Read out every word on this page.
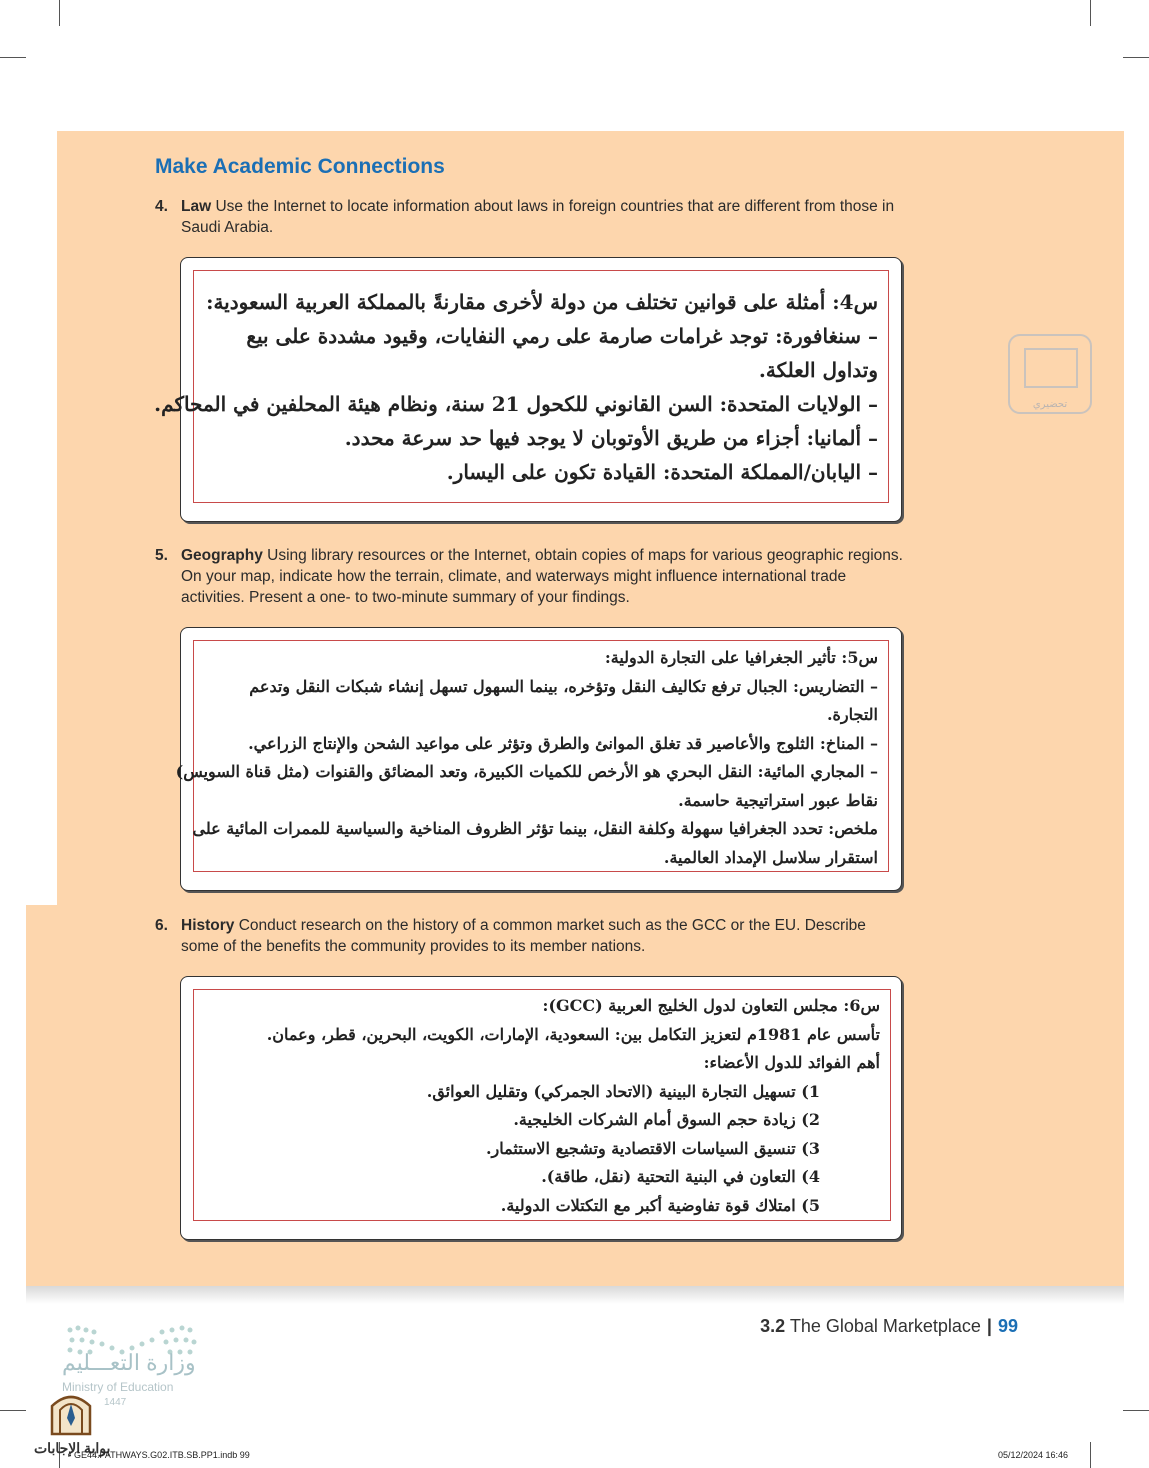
Make Academic Connections
4. Law Use the Internet to locate information about laws in foreign countries that are different from those in Saudi Arabia.
س4: أمثلة على قوانين تختلف من دولة لأخرى مقارنةً بالمملكة العربية السعودية:
– سنغافورة: توجد غرامات صارمة على رمي النفايات، وقيود مشددة على بيع
وتداول العلكة.
– الولايات المتحدة: السن القانوني للكحول 21 سنة، ونظام هيئة المحلفين في المحاكم.
– ألمانيا: أجزاء من طريق الأوتوبان لا يوجد فيها حد سرعة محدد.
– اليابان/المملكة المتحدة: القيادة تكون على اليسار.
تحضيري
5. Geography Using library resources or the Internet, obtain copies of maps for various geographic regions. On your map, indicate how the terrain, climate, and waterways might influence international trade activities. Present a one- to two-minute summary of your findings.
س5: تأثير الجغرافيا على التجارة الدولية:
– التضاريس: الجبال ترفع تكاليف النقل وتؤخره، بينما السهول تسهل إنشاء شبكات النقل وتدعم
التجارة.
– المناخ: الثلوج والأعاصير قد تغلق الموانئ والطرق وتؤثر على مواعيد الشحن والإنتاج الزراعي.
– المجاري المائية: النقل البحري هو الأرخص للكميات الكبيرة، وتعد المضائق والقنوات (مثل قناة السويس)
نقاط عبور استراتيجية حاسمة.
ملخص: تحدد الجغرافيا سهولة وكلفة النقل، بينما تؤثر الظروف المناخية والسياسية للممرات المائية على
استقرار سلاسل الإمداد العالمية.
6. History Conduct research on the history of a common market such as the GCC or the EU. Describe some of the benefits the community provides to its member nations.
س6: مجلس التعاون لدول الخليج العربية (GCC):
تأسس عام 1981م لتعزيز التكامل بين: السعودية، الإمارات، الكويت، البحرين، قطر، وعمان.
أهم الفوائد للدول الأعضاء:
1) تسهيل التجارة البينية (الاتحاد الجمركي) وتقليل العوائق.
2) زيادة حجم السوق أمام الشركات الخليجية.
3) تنسيق السياسات الاقتصادية وتشجيع الاستثمار.
4) التعاون في البنية التحتية (نقل، طاقة).
5) امتلاك قوة تفاوضية أكبر مع التكتلات الدولية.
وزارة التعـــليم
Ministry of Education
1447
بوابة الإجابات
3.2 The Global Marketplace | 99
GE44.PATHWAYS.G02.ITB.SB.PP1.indb 99	05/12/2024 16:46
